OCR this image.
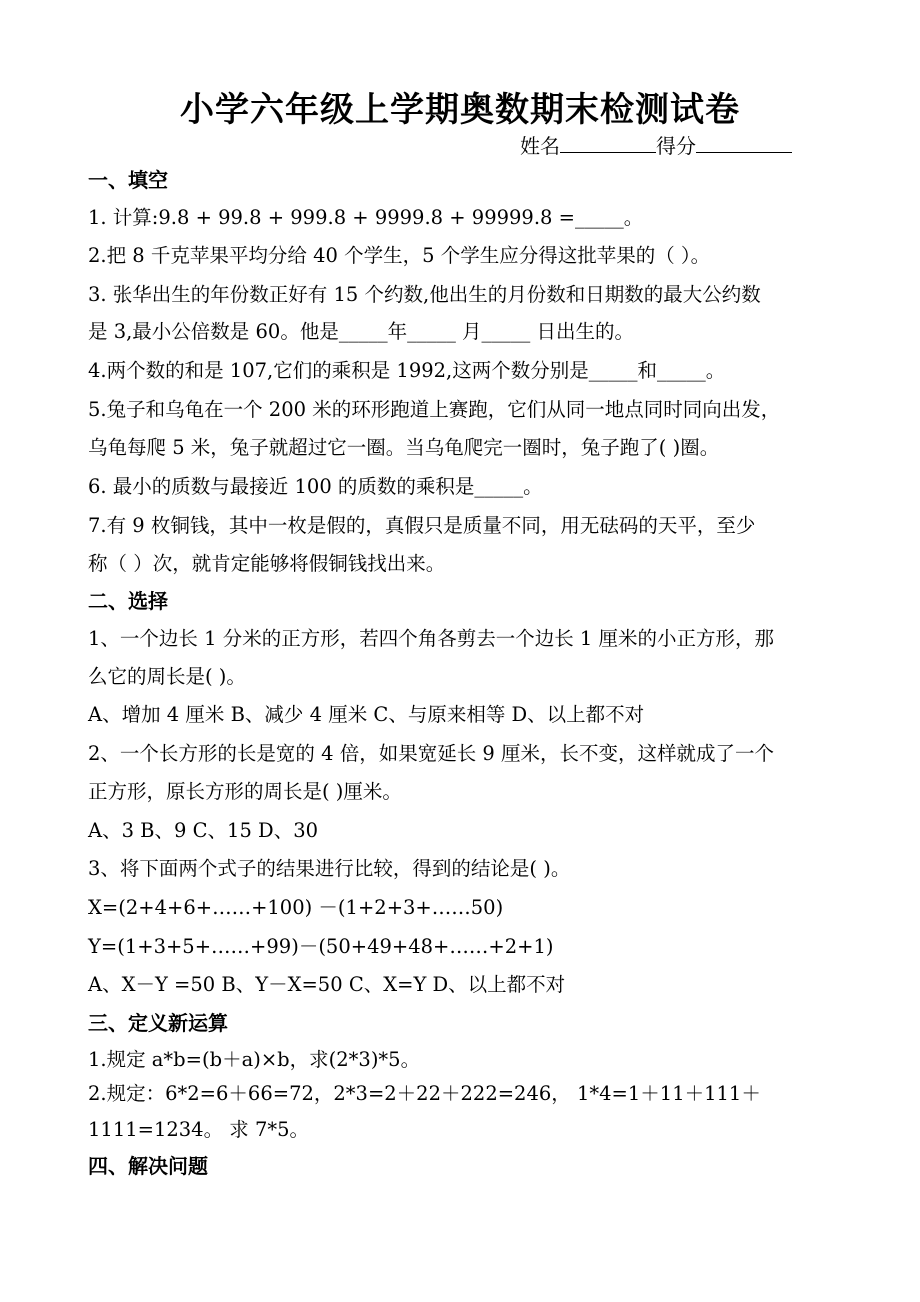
小学六年级上学期奥数期末检测试卷
姓名	得分
一、填空
1. 计算:9.8 + 99.8 + 999.8 + 9999.8 + 99999.8 =_____。
2.把 8 千克苹果平均分给 40 个学生，5 个学生应分得这批苹果的（ ）。
3. 张华出生的年份数正好有 15 个约数,他出生的月份数和日期数的最大公约数
是 3,最小公倍数是 60。他是_____年_____ 月_____ 日出生的。
4.两个数的和是 107,它们的乘积是 1992,这两个数分别是_____和_____。
5.兔子和乌龟在一个 200 米的环形跑道上赛跑，它们从同一地点同时同向出发，
乌龟每爬 5 米，兔子就超过它一圈。当乌龟爬完一圈时，兔子跑了( )圈。
6. 最小的质数与最接近 100 的质数的乘积是_____。
7.有 9 枚铜钱，其中一枚是假的，真假只是质量不同，用无砝码的天平，至少
称（ ）次，就肯定能够将假铜钱找出来。
二、选择
1、一个边长 1 分米的正方形，若四个角各剪去一个边长 1 厘米的小正方形，那
么它的周长是( )。
A、增加 4 厘米 B、减少 4 厘米 C、与原来相等 D、以上都不对
2、一个长方形的长是宽的 4 倍，如果宽延长 9 厘米，长不变，这样就成了一个
正方形，原长方形的周长是( )厘米。
A、3 B、9 C、15 D、30
3、将下面两个式子的结果进行比较，得到的结论是( )。
X=(2+4+6+……+100) －(1+2+3+……50)
Y=(1+3+5+……+99)－(50+49+48+……+2+1)
A、X－Y =50 B、Y－X=50 C、X=Y D、以上都不对
三、定义新运算
1.规定 a*b=(b＋a)×b，求(2*3)*5。
2.规定：6*2=6＋66=72，2*3=2＋22＋222=246， 1*4=1＋11＋111＋
1111=1234。 求 7*5。
四、解决问题
